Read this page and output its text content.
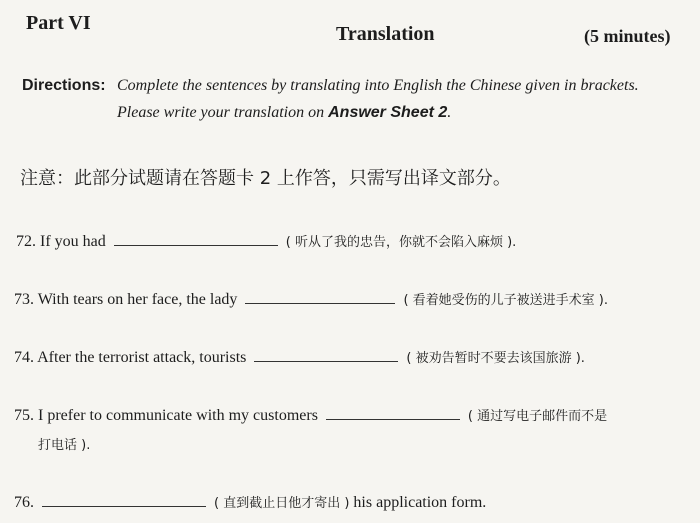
Part VI	Translation	(5 minutes)
Directions: Complete the sentences by translating into English the Chinese given in brackets.
Please write your translation on Answer Sheet 2.
注意：此部分试题请在答题卡 2 上作答，只需写出译文部分。
72. If you had	( 听从了我的忠告，你就不会陷入麻烦 ).
73. With tears on her face, the lady	( 看着她受伤的儿子被送进手术室 ).
74. After the terrorist attack, tourists	( 被劝告暂时不要去该国旅游 ).
75. I prefer to communicate with my customers	( 通过写电子邮件而不是
打电话 ).
76.	( 直到截止日他才寄出 ) his application form.
